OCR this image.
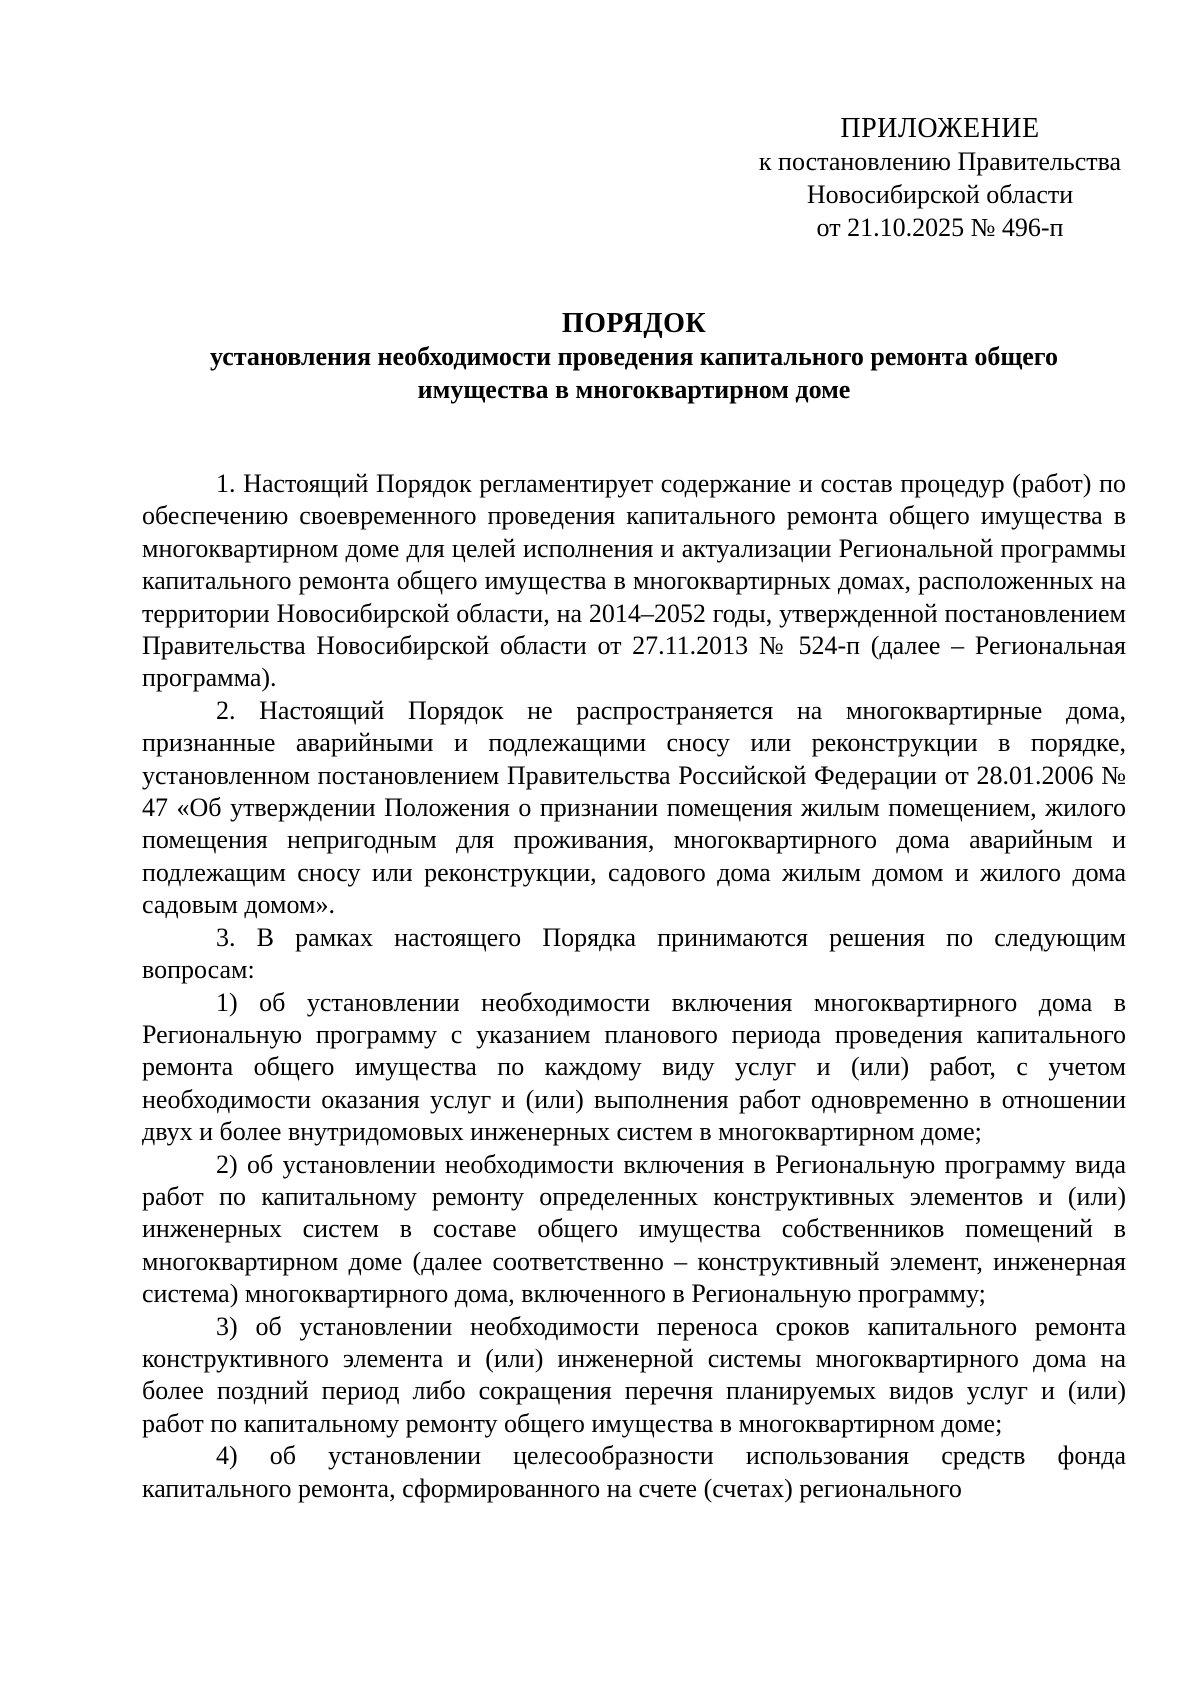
ПРИЛОЖЕНИЕ
к постановлению Правительства
Новосибирской области
от 21.10.2025 № 496-п
ПОРЯДОК
установления необходимости проведения капитального ремонта общего
имущества в многоквартирном доме

1. Настоящий Порядок регламентирует содержание и состав процедур (работ) по обеспечению своевременного проведения капитального ремонта общего имущества в многоквартирном доме для целей исполнения и актуализации Региональной программы капитального ремонта общего имущества в многоквартирных домах, расположенных на территории Новосибирской области, на 2014–2052 годы, утвержденной постановлением Правительства Новосибирской области от 27.11.2013 № 524-п (далее – Региональная программа).

2. Настоящий Порядок не распространяется на многоквартирные дома, признанные аварийными и подлежащими сносу или реконструкции в порядке, установленном постановлением Правительства Российской Федерации от 28.01.2006 № 47 «Об утверждении Положения о признании помещения жилым помещением, жилого помещения непригодным для проживания, многоквартирного дома аварийным и подлежащим сносу или реконструкции, садового дома жилым домом и жилого дома садовым домом».

3. В рамках настоящего Порядка принимаются решения по следующим вопросам:

1) об установлении необходимости включения многоквартирного дома в Региональную программу с указанием планового периода проведения капитального ремонта общего имущества по каждому виду услуг и (или) работ, с учетом необходимости оказания услуг и (или) выполнения работ одновременно в отношении двух и более внутридомовых инженерных систем в многоквартирном доме;

2) об установлении необходимости включения в Региональную программу вида работ по капитальному ремонту определенных конструктивных элементов и (или) инженерных систем в составе общего имущества собственников помещений в многоквартирном доме (далее соответственно – конструктивный элемент, инженерная система) многоквартирного дома, включенного в Региональную программу;

3) об установлении необходимости переноса сроков капитального ремонта конструктивного элемента и (или) инженерной системы многоквартирного дома на более поздний период либо сокращения перечня планируемых видов услуг и (или) работ по капитальному ремонту общего имущества в многоквартирном доме;

4) об установлении целесообразности использования средств фонда капитального ремонта, сформированного на счете (счетах) регионального
